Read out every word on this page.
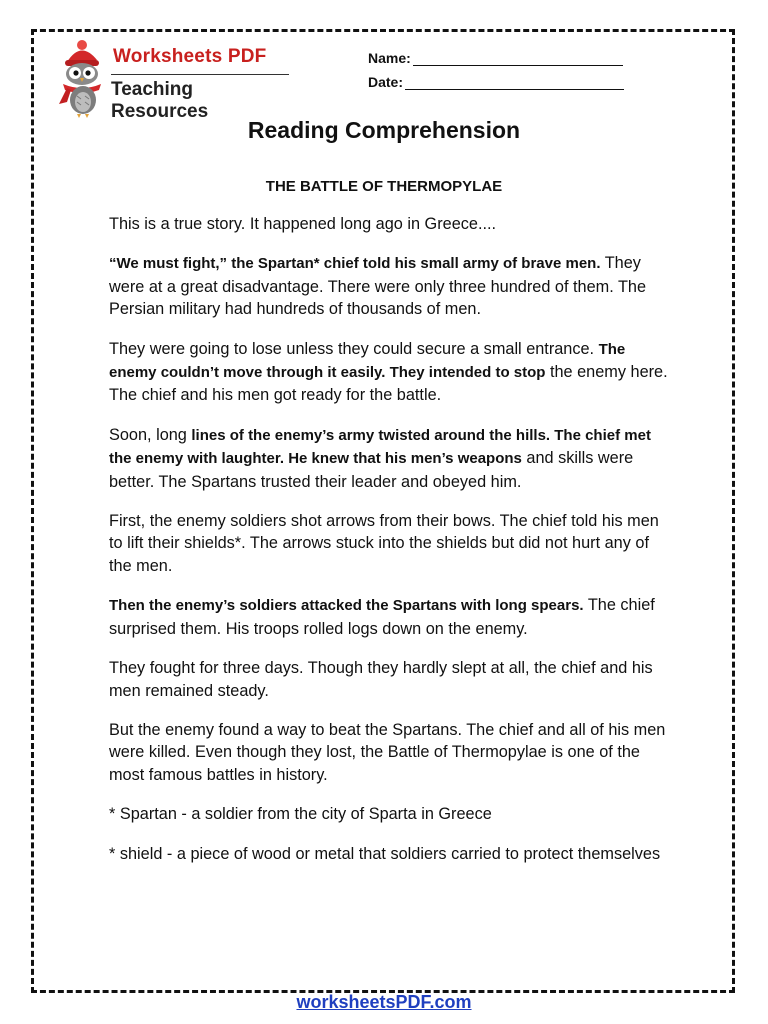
Worksheets PDF
Teaching Resources
Name:
Date:
Reading Comprehension
THE BATTLE OF THERMOPYLAE

This is a true story. It happened long ago in Greece....

“We must fight,” the Spartan* chief told his small army of brave men. They were at a great disadvantage. There were only three hundred of them. The Persian military had hundreds of thousands of men.

They were going to lose unless they could secure a small entrance. The enemy couldn’t move through it easily. They intended to stop the enemy here. The chief and his men got ready for the battle.

Soon, long lines of the enemy’s army twisted around the hills. The chief met the enemy with laughter. He knew that his men’s weapons and skills were better. The Spartans trusted their leader and obeyed him.

First, the enemy soldiers shot arrows from their bows. The chief told his men to lift their shields*. The arrows stuck into the shields but did not hurt any of the men.

Then the enemy’s soldiers attacked the Spartans with long spears. The chief surprised them. His troops rolled logs down on the enemy.

They fought for three days. Though they hardly slept at all, the chief and his men remained steady.

But the enemy found a way to beat the Spartans. The chief and all of his men were killed. Even though they lost, the Battle of Thermopylae is one of the most famous battles in history.

* Spartan - a soldier from the city of Sparta in Greece

* shield - a piece of wood or metal that soldiers carried to protect themselves

worksheetsPDF.com
